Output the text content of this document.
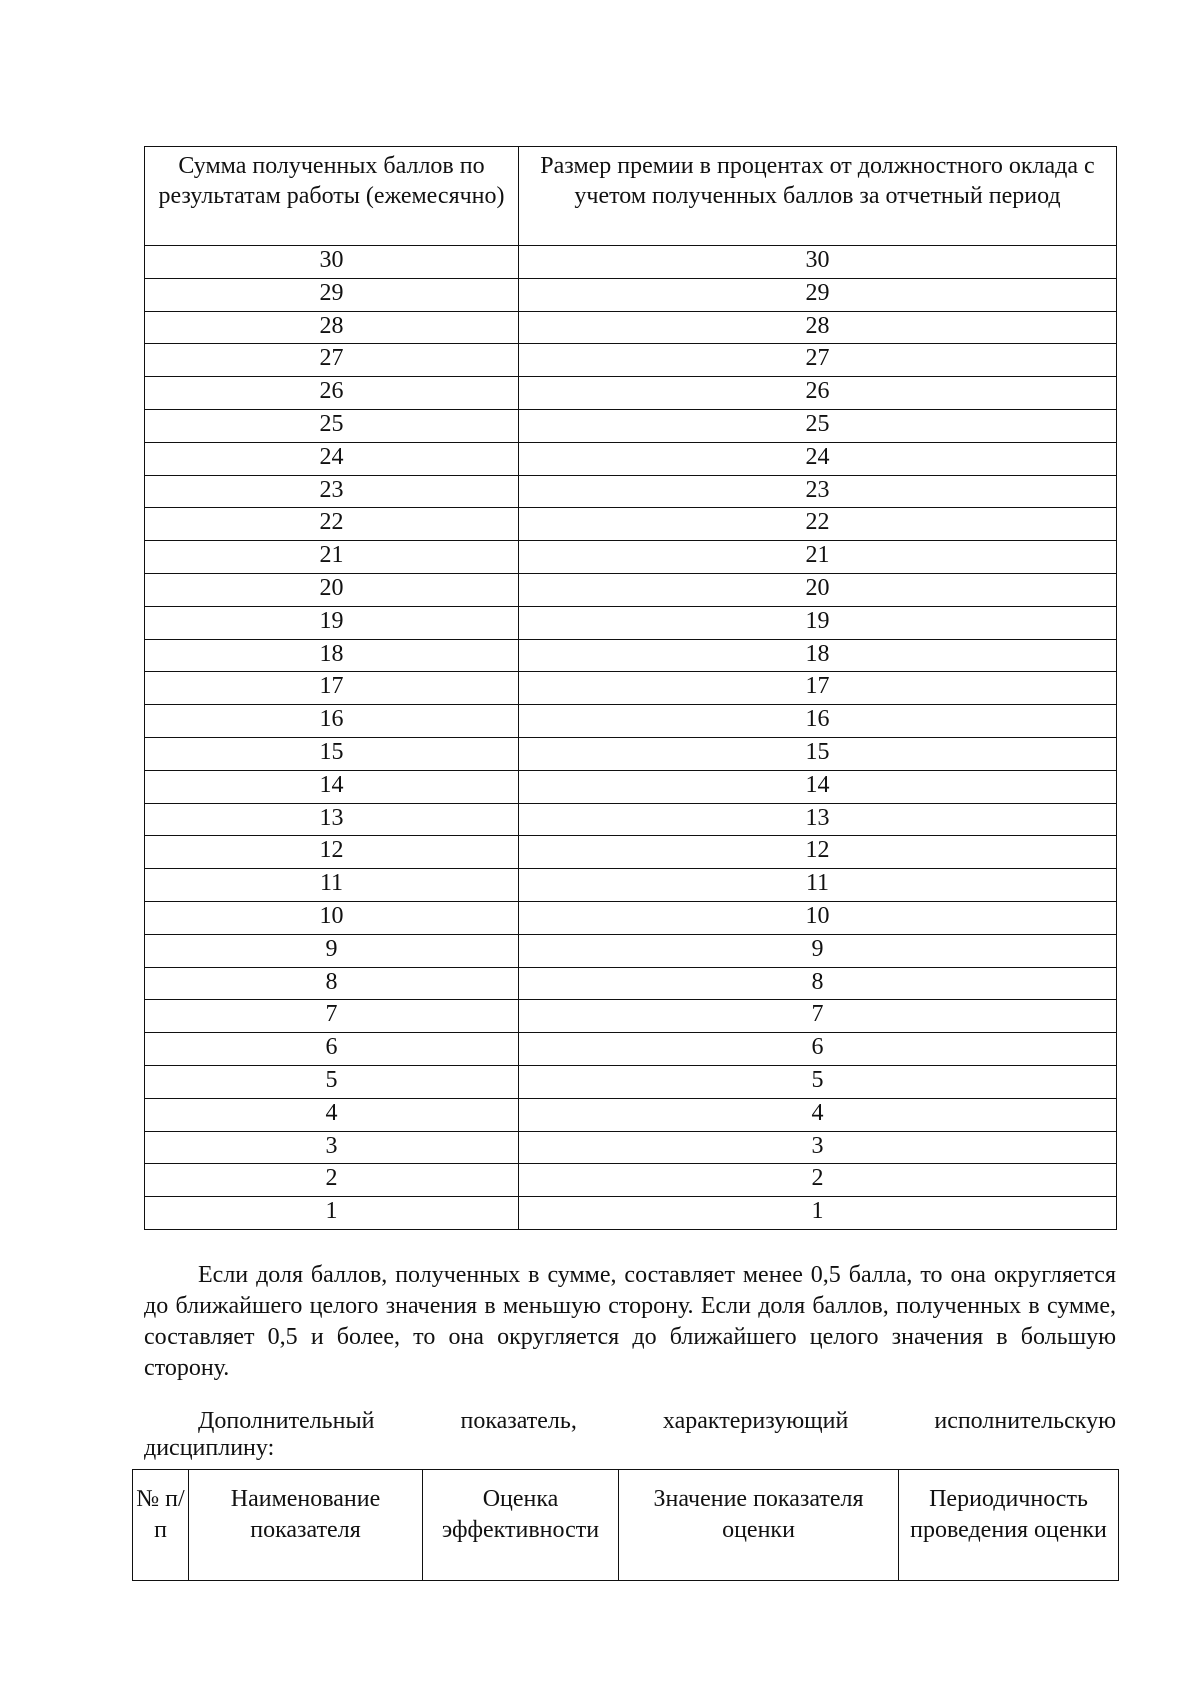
Сумма полученных баллов по результатам работы (ежемесячно)	Размер премии в процентах от должностного оклада с учетом полученных баллов за отчетный период
30	30
29	29
28	28
27	27
26	26
25	25
24	24
23	23
22	22
21	21
20	20
19	19
18	18
17	17
16	16
15	15
14	14
13	13
12	12
11	11
10	10
9	9
8	8
7	7
6	6
5	5
4	4
3	3
2	2
1	1

Если доля баллов, полученных в сумме, составляет менее 0,5 балла, то она округляется до ближайшего целого значения в меньшую сторону. Если доля баллов, полученных в сумме, составляет 0,5 и более, то она округляется до ближайшего целого значения в большую сторону.

Дополнительный	показатель,	характеризующий	исполнительскую
дисциплину:
№ п/п	Наименование показателя	Оценка эффективности	Значение показателя оценки	Периодичность проведения оценки
